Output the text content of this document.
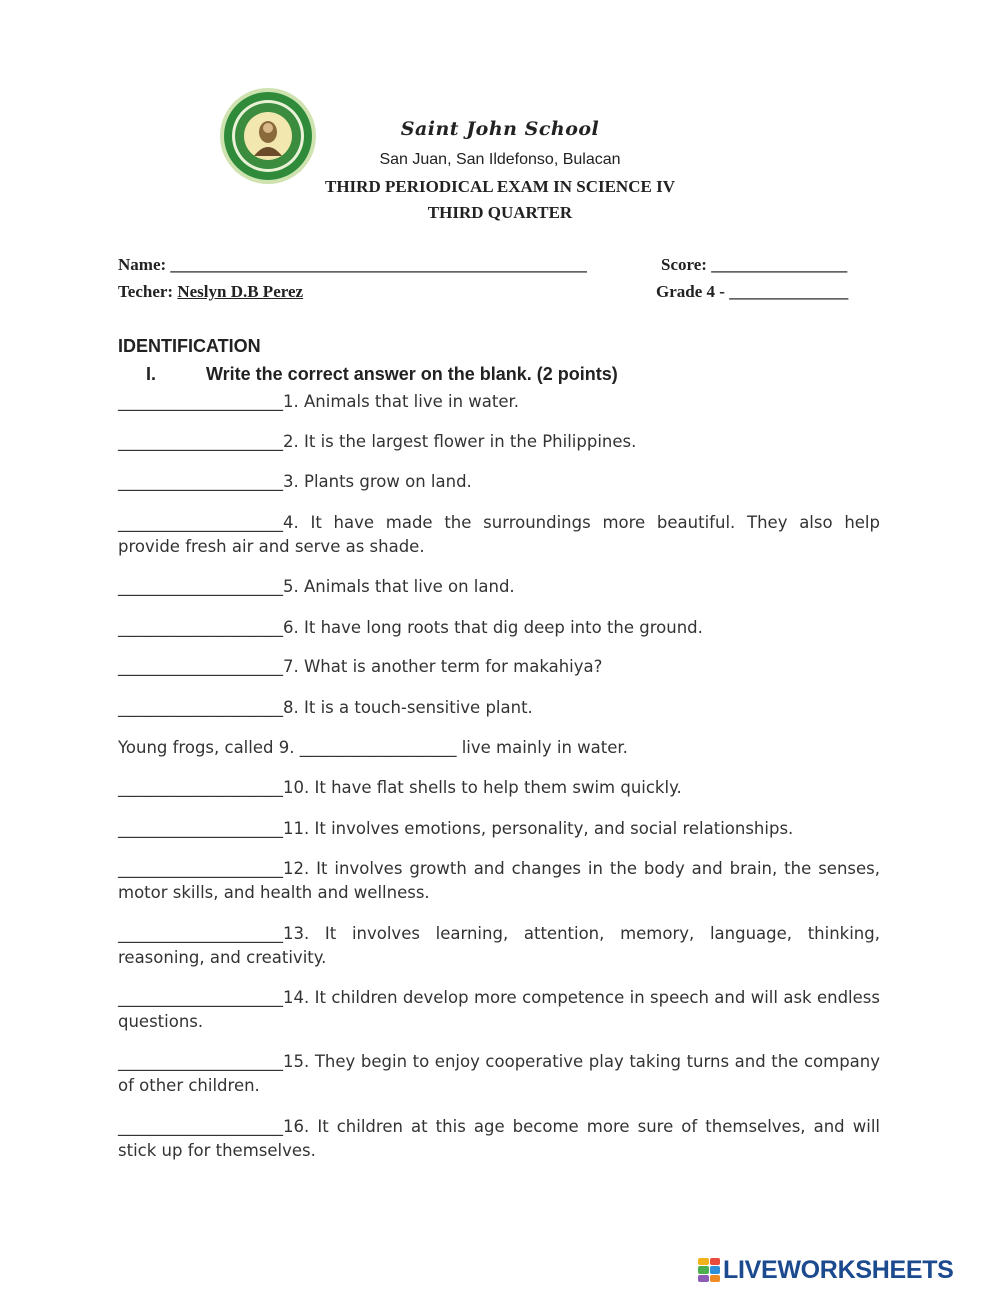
Saint John School
San Juan, San Ildefonso, Bulacan
THIRD PERIODICAL EXAM IN SCIENCE IV
THIRD QUARTER
Name: _________________________________________________	Score: ________________
Techer: Neslyn D.B Perez	Grade 4 - ______________
IDENTIFICATION
I.	Write the correct answer on the blank. (2 points)
____________________1. Animals that live in water.
____________________2. It is the largest flower in the Philippines.
____________________3. Plants grow on land.
____________________4. It have made the surroundings more beautiful. They also help provide fresh air and serve as shade.
____________________5. Animals that live on land.
____________________6. It have long roots that dig deep into the ground.
____________________7. What is another term for makahiya?
____________________8. It is a touch-sensitive plant.
Young frogs, called 9. ___________________ live mainly in water.
____________________10. It have flat shells to help them swim quickly.
____________________11. It involves emotions, personality, and social relationships.
____________________12. It involves growth and changes in the body and brain, the senses, motor skills, and health and wellness.
____________________13. It involves learning, attention, memory, language, thinking, reasoning, and creativity.
____________________14. It children develop more competence in speech and will ask endless questions.
____________________15. They begin to enjoy cooperative play taking turns and the company of other children.
____________________16. It children at this age become more sure of themselves, and will stick up for themselves.
LIVEWORKSHEETS
